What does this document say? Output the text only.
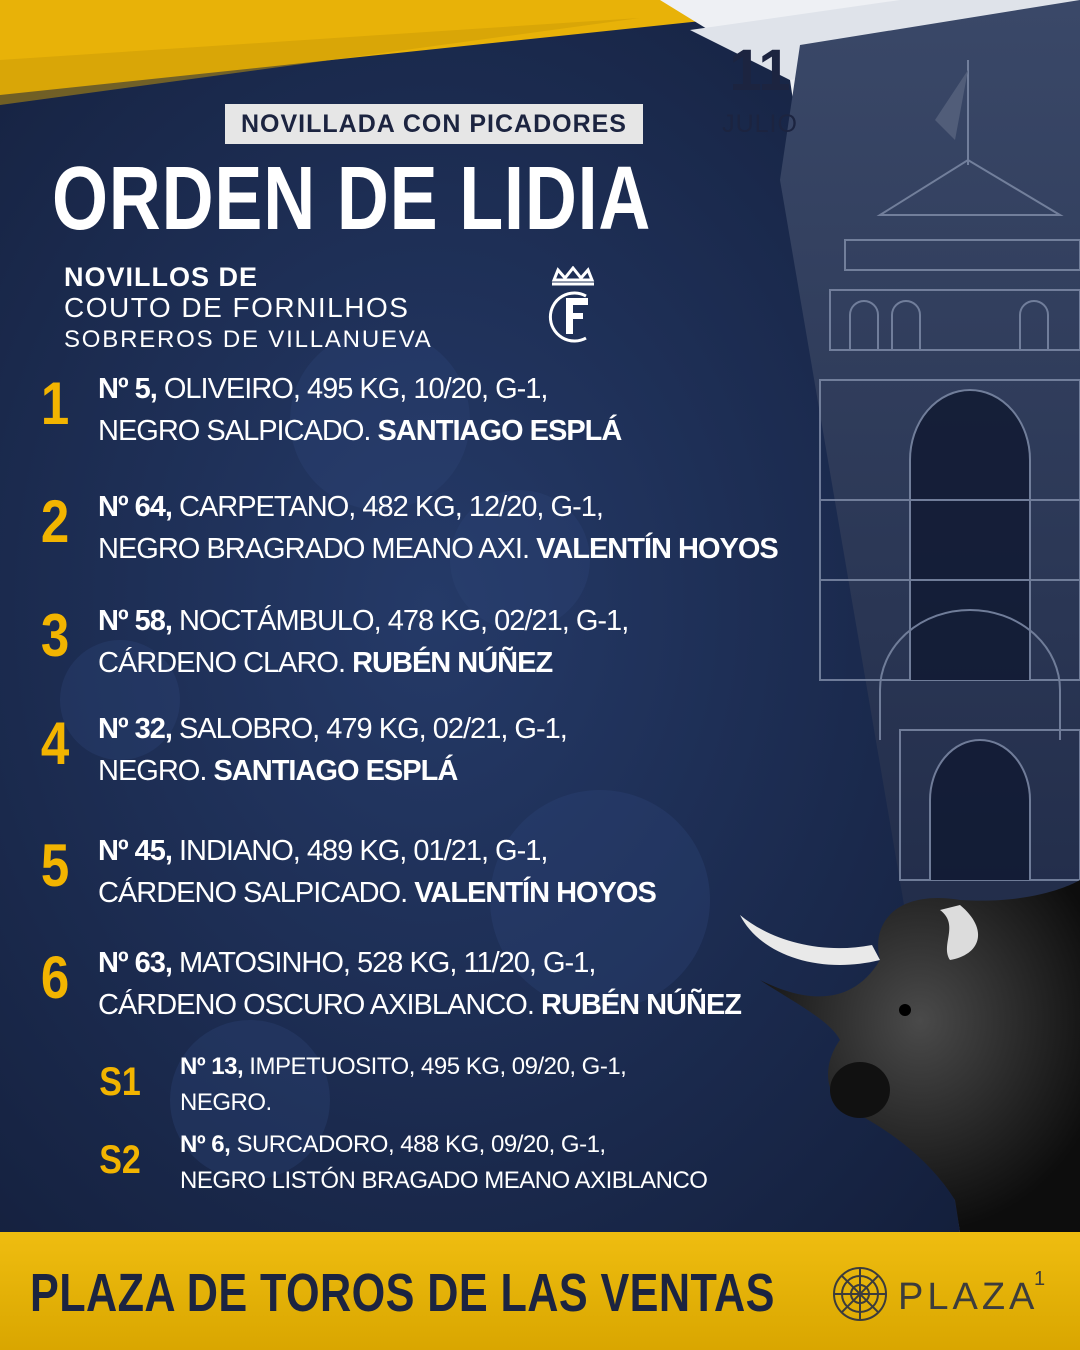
NOVILLADA CON PICADORES
ORDEN DE LIDIA
11
JULIO
NOVILLOS DE
COUTO DE FORNILHOS
SOBREROS DE VILLANUEVA
1 Nº 5, OLIVEIRO, 495 KG, 10/20, G-1,
NEGRO SALPICADO. SANTIAGO ESPLÁ
2 Nº 64, CARPETANO, 482 KG, 12/20, G-1,
NEGRO BRAGRADO MEANO AXI. VALENTÍN HOYOS
3 Nº 58, NOCTÁMBULO, 478 KG, 02/21, G-1,
CÁRDENO CLARO. RUBÉN NÚÑEZ
4 Nº 32, SALOBRO, 479 KG, 02/21, G-1,
NEGRO. SANTIAGO ESPLÁ
5 Nº 45, INDIANO, 489 KG, 01/21, G-1,
CÁRDENO SALPICADO. VALENTÍN HOYOS
6 Nº 63, MATOSINHO, 528 KG, 11/20, G-1,
CÁRDENO OSCURO AXIBLANCO. RUBÉN NÚÑEZ
S1 Nº 13, IMPETUOSITO, 495 KG, 09/20, G-1,
NEGRO.
S2 Nº 6, SURCADORO, 488 KG, 09/20, G-1,
NEGRO LISTÓN BRAGADO MEANO AXIBLANCO
PLAZA DE TOROS DE LAS VENTAS	PLAZA
1
